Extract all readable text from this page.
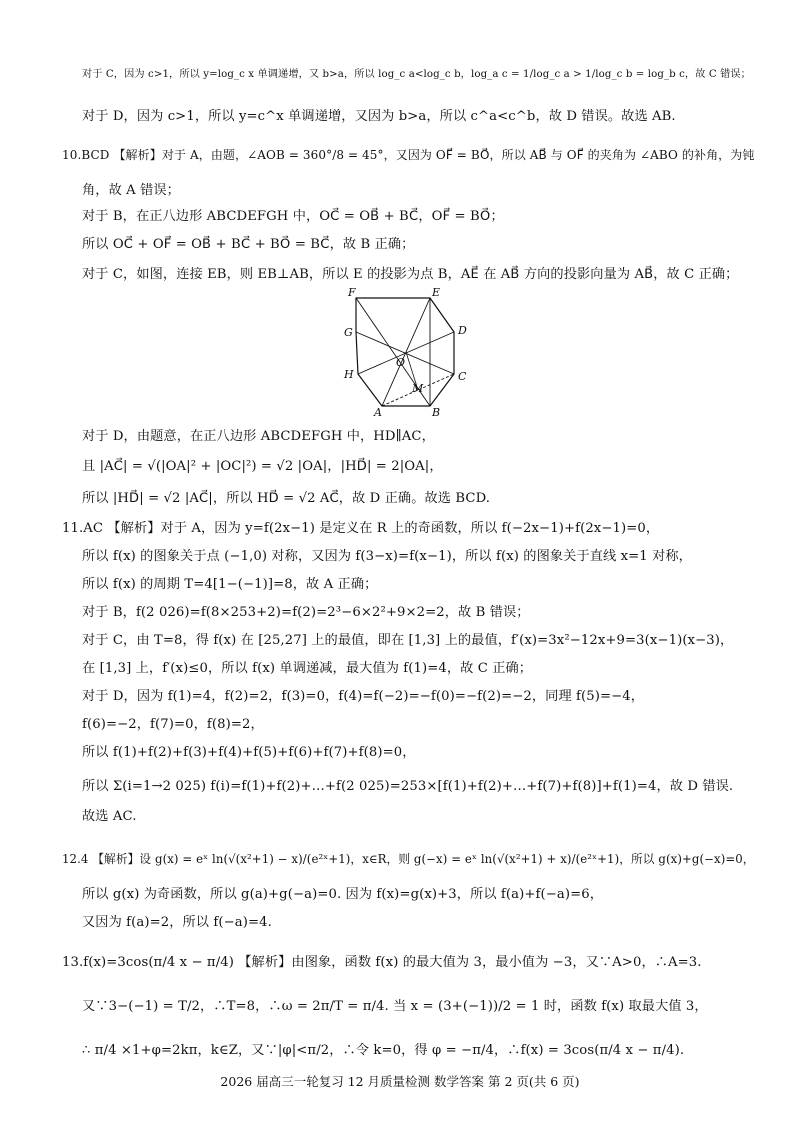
对于 C，因为 c>1，所以 y=log_c x 单调递增，又 b>a，所以 log_c a<log_c b，log_a c = 1/log_c a > 1/log_c b = log_b c，故 C 错误；
对于 D，因为 c>1，所以 y=c^x 单调递增，又因为 b>a，所以 c^a<c^b，故 D 错误。故选 AB.
10.BCD 【解析】对于 A，由题，∠AOB = 360°/8 = 45°，又因为 OF⃗ = BO⃗，所以 AB⃗ 与 OF⃗ 的夹角为 ∠ABO 的补角，为钝
角，故 A 错误；
对于 B，在正八边形 ABCDEFGH 中，OC⃗ = OB⃗ + BC⃗，OF⃗ = BO⃗；
所以 OC⃗ + OF⃗ = OB⃗ + BC⃗ + BO⃗ = BC⃗，故 B 正确；
对于 C，如图，连接 EB，则 EB⊥AB，所以 E 的投影为点 B，AE⃗ 在 AB⃗ 方向的投影向量为 AB⃗，故 C 正确；
F	E
D
C
B
A
H
G
O
M
对于 D，由题意，在正八边形 ABCDEFGH 中，HD∥AC，
且 |AC⃗| = √(|OA|² + |OC|²) = √2 |OA|，|HD⃗| = 2|OA|，
所以 |HD⃗| = √2 |AC⃗|，所以 HD⃗ = √2 AC⃗，故 D 正确。故选 BCD.
11.AC 【解析】对于 A，因为 y=f(2x−1) 是定义在 R 上的奇函数，所以 f(−2x−1)+f(2x−1)=0，
所以 f(x) 的图象关于点 (−1,0) 对称，又因为 f(3−x)=f(x−1)，所以 f(x) 的图象关于直线 x=1 对称，
所以 f(x) 的周期 T=4[1−(−1)]=8，故 A 正确；
对于 B，f(2 026)=f(8×253+2)=f(2)=2³−6×2²+9×2=2，故 B 错误；
对于 C，由 T=8，得 f(x) 在 [25,27] 上的最值，即在 [1,3] 上的最值，f′(x)=3x²−12x+9=3(x−1)(x−3)，
在 [1,3] 上，f′(x)≤0，所以 f(x) 单调递减，最大值为 f(1)=4，故 C 正确；
对于 D，因为 f(1)=4，f(2)=2，f(3)=0，f(4)=f(−2)=−f(0)=−f(2)=−2，同理 f(5)=−4，
f(6)=−2，f(7)=0，f(8)=2，
所以 f(1)+f(2)+f(3)+f(4)+f(5)+f(6)+f(7)+f(8)=0，
所以 Σ(i=1→2 025) f(i)=f(1)+f(2)+…+f(2 025)=253×[f(1)+f(2)+…+f(7)+f(8)]+f(1)=4，故 D 错误.
故选 AC.
12.4 【解析】设 g(x) = eˣ ln(√(x²+1) − x)/(e²ˣ+1)，x∈R，则 g(−x) = eˣ ln(√(x²+1) + x)/(e²ˣ+1)，所以 g(x)+g(−x)=0，
所以 g(x) 为奇函数，所以 g(a)+g(−a)=0. 因为 f(x)=g(x)+3，所以 f(a)+f(−a)=6，
又因为 f(a)=2，所以 f(−a)=4.
13.f(x)=3cos(π/4 x − π/4) 【解析】由图象，函数 f(x) 的最大值为 3，最小值为 −3，又∵A>0，∴A=3.
又∵3−(−1) = T/2，∴T=8，∴ω = 2π/T = π/4. 当 x = (3+(−1))/2 = 1 时，函数 f(x) 取最大值 3，
∴ π/4 ×1+φ=2kπ，k∈Z，又∵|φ|<π/2，∴令 k=0，得 φ = −π/4，∴f(x) = 3cos(π/4 x − π/4).
2026 届高三一轮复习 12 月质量检测 数学答案 第 2 页(共 6 页)
